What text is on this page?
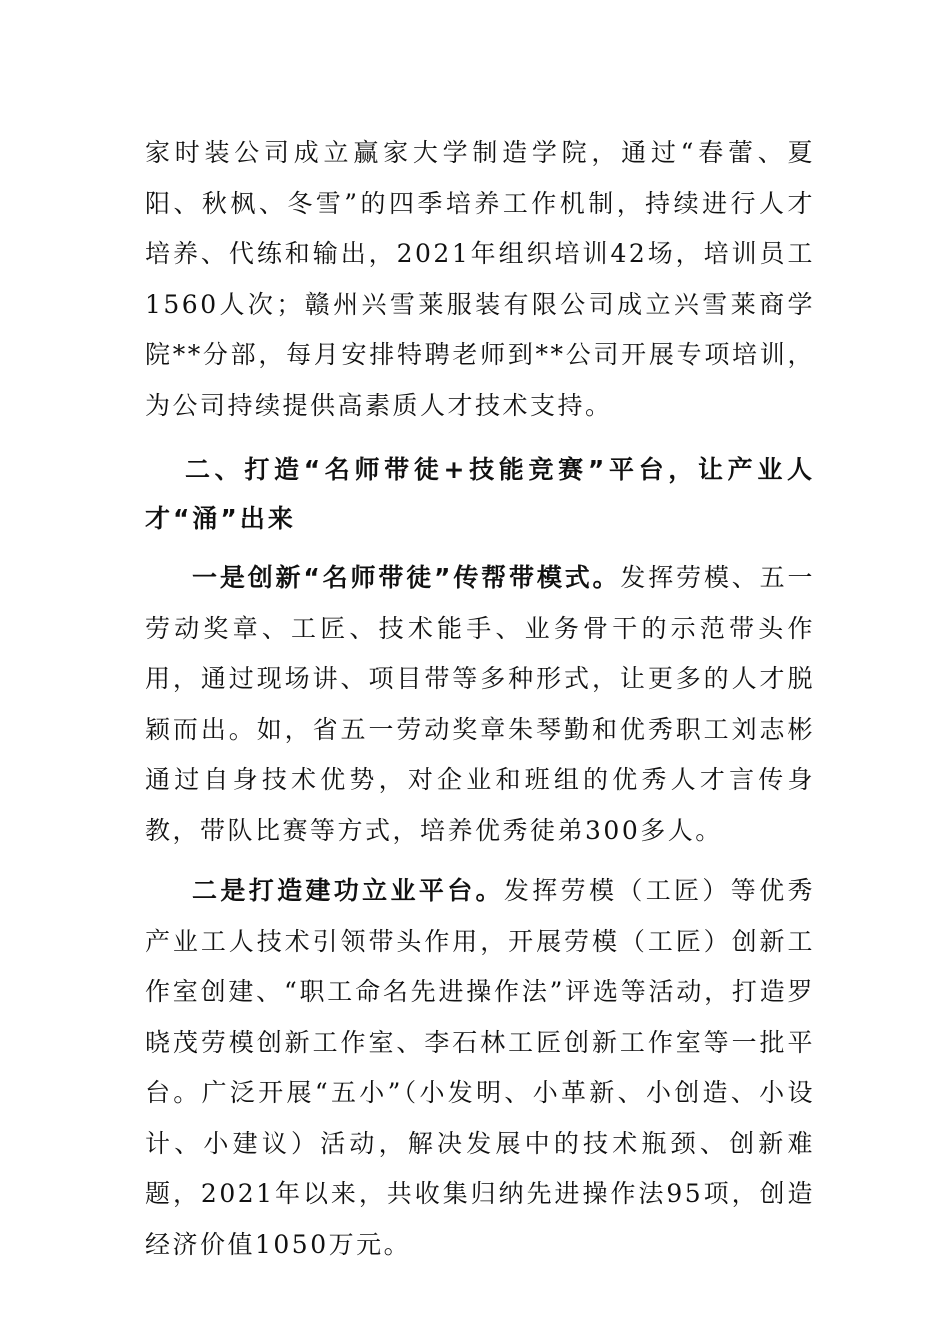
家时装公司成立赢家大学制造学院，通过“春蕾、夏阳、秋枫、冬雪”的四季培养工作机制，持续进行人才培养、代练和输出，2021年组织培训42场，培训员工1560人次；赣州兴雪莱服装有限公司成立兴雪莱商学院**分部，每月安排特聘老师到**公司开展专项培训，为公司持续提供高素质人才技术支持。

二、打造“名师带徒+技能竞赛”平台，让产业人才“涌”出来

一是创新“名师带徒”传帮带模式。发挥劳模、五一劳动奖章、工匠、技术能手、业务骨干的示范带头作用，通过现场讲、项目带等多种形式，让更多的人才脱颖而出。如，省五一劳动奖章朱琴勤和优秀职工刘志彬通过自身技术优势，对企业和班组的优秀人才言传身教，带队比赛等方式，培养优秀徒弟300多人。

二是打造建功立业平台。发挥劳模（工匠）等优秀产业工人技术引领带头作用，开展劳模（工匠）创新工作室创建、“职工命名先进操作法”评选等活动，打造罗晓茂劳模创新工作室、李石林工匠创新工作室等一批平台。广泛开展“五小”（小发明、小革新、小创造、小设计、小建议）活动，解决发展中的技术瓶颈、创新难题，2021年以来，共收集归纳先进操作法95项，创造经济价值1050万元。
